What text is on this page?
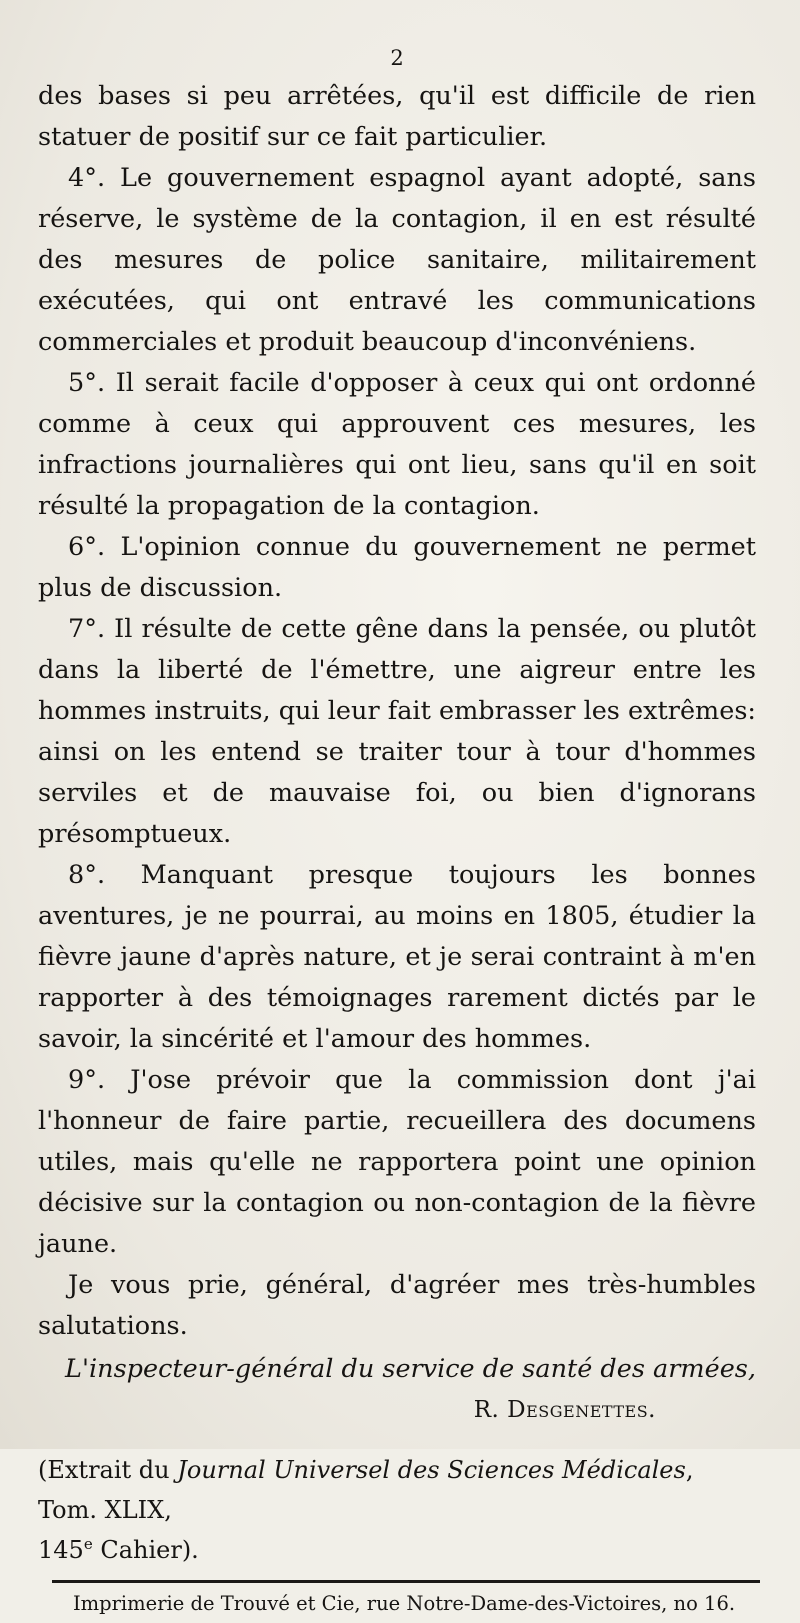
2

des bases si peu arrêtées, qu'il est difficile de rien statuer de positif sur ce fait particulier.

4°. Le gouvernement espagnol ayant adopté, sans réserve, le système de la contagion, il en est résulté des mesures de police sanitaire, militairement exécutées, qui ont entravé les communications commerciales et produit beaucoup d'inconvéniens.

5°. Il serait facile d'opposer à ceux qui ont ordonné comme à ceux qui approuvent ces mesures, les infractions journalières qui ont lieu, sans qu'il en soit résulté la propagation de la contagion.

6°. L'opinion connue du gouvernement ne permet plus de discussion.

7°. Il résulte de cette gêne dans la pensée, ou plutôt dans la liberté de l'émettre, une aigreur entre les hommes instruits, qui leur fait embrasser les extrêmes: ainsi on les entend se traiter tour à tour d'hommes serviles et de mauvaise foi, ou bien d'ignorans présomptueux.

8°. Manquant presque toujours les bonnes aventures, je ne pourrai, au moins en 1805, étudier la fièvre jaune d'après nature, et je serai contraint à m'en rapporter à des témoignages rarement dictés par le savoir, la sincérité et l'amour des hommes.

9°. J'ose prévoir que la commission dont j'ai l'honneur de faire partie, recueillera des documens utiles, mais qu'elle ne rapportera point une opinion décisive sur la contagion ou non-contagion de la fièvre jaune.

Je vous prie, général, d'agréer mes très-humbles salutations.

L'inspecteur-général du service de santé des armées,
R. Desgenettes.
(Extrait du Journal Universel des Sciences Médicales, Tom. XLIX,
145e Cahier).
Imprimerie de Trouvé et Cie, rue Notre-Dame-des-Victoires, no 16.
